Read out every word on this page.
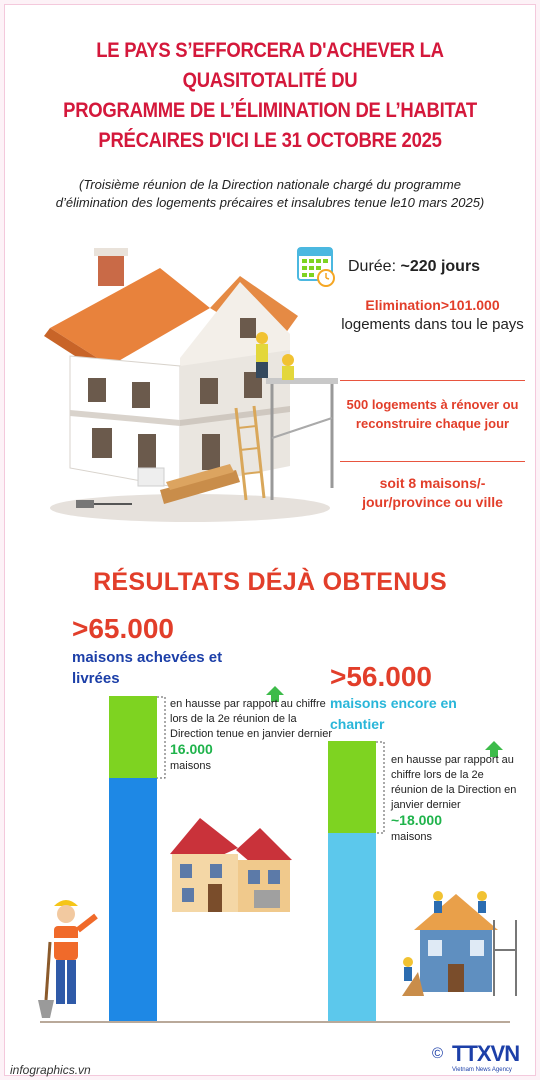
LE PAYS S’EFFORCERA D'ACHEVER LA QUASITOTALITÉ DU
PROGRAMME DE L’ÉLIMINATION DE L’HABITAT
PRÉCAIRES D'ICI LE 31 OCTOBRE 2025
(Troisième réunion de la Direction nationale chargé du programme
d’élimination des logements précaires et insalubres tenue le10 mars 2025)
Durée: ~220 jours
Elimination>101.000
logements dans tou le pays
500 logements à rénover ou reconstruire chaque jour
soit 8 maisons/- jour/province ou ville
RÉSULTATS DÉJÀ OBTENUS
>65.000
maisons achevées et livrées	>56.000
maisons encore en chantier
en hausse par rapport au chiffre lors de la 2e réunion de la Direction tenue en janvier dernier 16.000
maisons	en hausse par rapport au chiffre lors de la 2e réunion de la Direction en janvier dernier
~18.000
maisons
infographics.vn
© TTXVN
Vietnam News Agency
